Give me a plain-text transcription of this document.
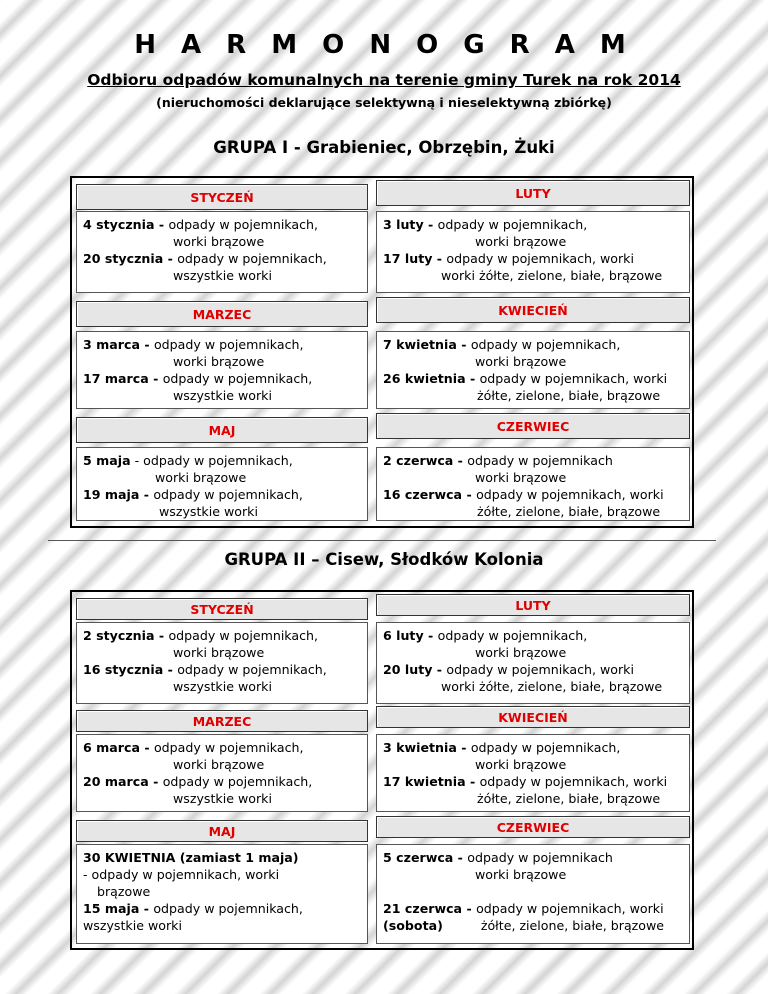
H A R M O N O G R A M
Odbioru odpadów komunalnych na terenie gminy Turek na rok 2014
(nieruchomości deklarujące selektywną i nieselektywną zbiórkę)
GRUPA I - Grabieniec, Obrzębin, Żuki
STYCZEŃ
4 stycznia - odpady w pojemnikach,
worki brązowe
20 stycznia - odpady w pojemnikach,
wszystkie worki
LUTY
3 luty - odpady w pojemnikach,
worki brązowe
17 luty - odpady w pojemnikach, worki
worki żółte, zielone, białe, brązowe
MARZEC
3 marca - odpady w pojemnikach,
worki brązowe
17 marca - odpady w pojemnikach,
wszystkie worki
KWIECIEŃ
7 kwietnia - odpady w pojemnikach,
worki brązowe
26 kwietnia - odpady w pojemnikach, worki
żółte, zielone, białe, brązowe
MAJ
5 maja - odpady w pojemnikach,
worki brązowe
19 maja - odpady w pojemnikach,
wszystkie worki
CZERWIEC
2 czerwca - odpady w pojemnikach
worki brązowe
16 czerwca - odpady w pojemnikach, worki
żółte, zielone, białe, brązowe
GRUPA II – Cisew, Słodków Kolonia
STYCZEŃ
2 stycznia - odpady w pojemnikach,
worki brązowe
16 stycznia - odpady w pojemnikach,
wszystkie worki
LUTY
6 luty - odpady w pojemnikach,
worki brązowe
20 luty - odpady w pojemnikach, worki
worki żółte, zielone, białe, brązowe
MARZEC
6 marca - odpady w pojemnikach,
worki brązowe
20 marca - odpady w pojemnikach,
wszystkie worki
KWIECIEŃ
3 kwietnia - odpady w pojemnikach,
worki brązowe
17 kwietnia - odpady w pojemnikach, worki
żółte, zielone, białe, brązowe
MAJ
30 KWIETNIA (zamiast 1 maja)
- odpady w pojemnikach, worki
brązowe
15 maja - odpady w pojemnikach,
wszystkie worki
CZERWIEC
5 czerwca - odpady w pojemnikach
worki brązowe

21 czerwca - odpady w pojemnikach, worki
(sobota)	żółte, zielone, białe, brązowe
